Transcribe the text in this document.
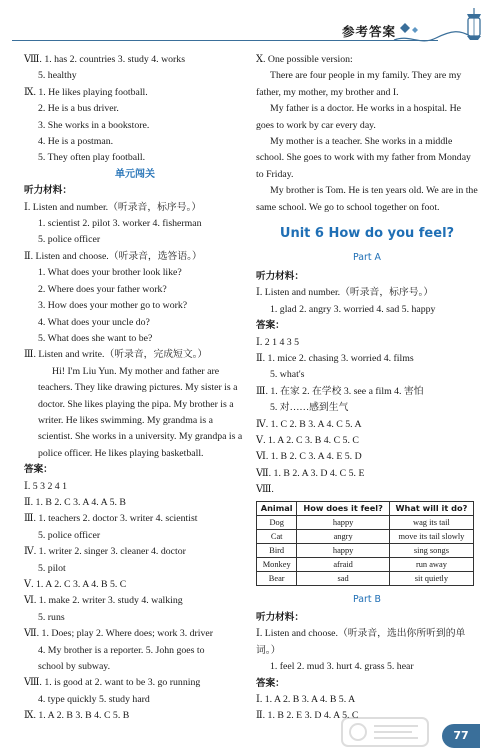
参考答案
Ⅷ. 1. has 2. countries 3. study 4. works
5. healthy
Ⅸ. 1. He likes playing football.
2. He is a bus driver.
3. She works in a bookstore.
4. He is a postman.
5. They often play football.
单元闯关
听力材料：
Ⅰ. Listen and number.（听录音，标序号。）
1. scientist 2. pilot 3. worker 4. fisherman
5. police officer
Ⅱ. Listen and choose.（听录音，选答语。）
1. What does your brother look like?
2. Where does your father work?
3. How does your mother go to work?
4. What does your uncle do?
5. What does she want to be?
Ⅲ. Listen and write.（听录音，完成短文。）
Hi! I'm Liu Yun. My mother and father are teachers. They like drawing pictures. My sister is a doctor. She likes playing the pipa. My brother is a writer. He likes swimming. My grandma is a scientist. She works in a university. My grandpa is a police officer. He likes playing basketball.
答案：
Ⅰ. 5 3 2 4 1
Ⅱ. 1. B 2. C 3. A 4. A 5. B
Ⅲ. 1. teachers 2. doctor 3. writer 4. scientist
5. police officer
Ⅳ. 1. writer 2. singer 3. cleaner 4. doctor
5. pilot
Ⅴ. 1. A 2. C 3. A 4. B 5. C
Ⅵ. 1. make 2. writer 3. study 4. walking
5. runs
Ⅶ. 1. Does; play 2. Where does; work 3. driver
4. My brother is a reporter. 5. John goes to
school by subway.
Ⅷ. 1. is good at 2. want to be 3. go running
4. type quickly 5. study hard
Ⅸ. 1. A 2. B 3. B 4. C 5. B
Ⅹ. One possible version:
There are four people in my family. They are my father, my mother, my brother and I.
My father is a doctor. He works in a hospital. He goes to work by car every day.
My mother is a teacher. She works in a middle school. She goes to work with my father from Monday to Friday.
My brother is Tom. He is ten years old. We are in the same school. We go to school together on foot.
Unit 6 How do you feel?
Part A
听力材料：
Ⅰ. Listen and number.（听录音，标序号。）
1. glad 2. angry 3. worried 4. sad 5. happy
答案：
Ⅰ. 2 1 4 3 5
Ⅱ. 1. mice 2. chasing 3. worried 4. films
5. what's
Ⅲ. 1. 在家 2. 在学校 3. see a film 4. 害怕
5. 对……感到生气
Ⅳ. 1. C 2. B 3. A 4. C 5. A
Ⅴ. 1. A 2. C 3. B 4. C 5. C
Ⅵ. 1. B 2. C 3. A 4. E 5. D
Ⅶ. 1. B 2. A 3. D 4. C 5. E
Ⅷ.
Animal	How does it feel?	What will it do?
Dog	happy	wag its tail
Cat	angry	move its tail slowly
Bird	happy	sing songs
Monkey	afraid	run away
Bear	sad	sit quietly
Part B
听力材料：
Ⅰ. Listen and choose.（听录音，选出你所听到的单词。）
1. feel 2. mud 3. hurt 4. grass 5. hear
答案：
Ⅰ. 1. A 2. B 3. A 4. B 5. A
Ⅱ. 1. B 2. E 3. D 4. A 5. C
77
